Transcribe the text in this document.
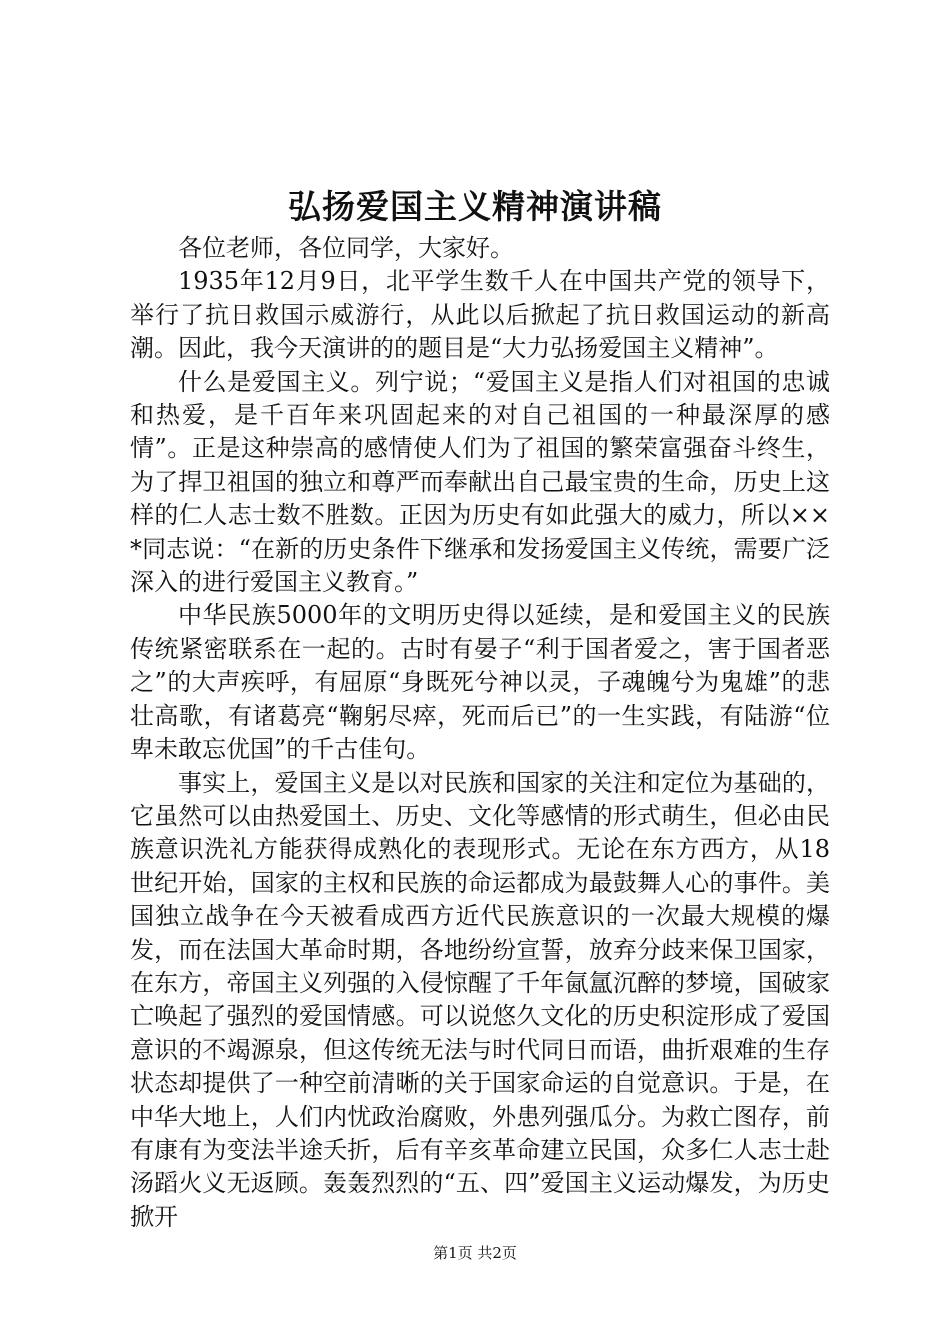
弘扬爱国主义精神演讲稿

各位老师，各位同学，大家好。

1935年12月9日，北平学生数千人在中国共产党的领导下，举行了抗日救国示威游行，从此以后掀起了抗日救国运动的新高潮。因此，我今天演讲的的题目是“大力弘扬爱国主义精神”。

什么是爱国主义。列宁说；“爱国主义是指人们对祖国的忠诚和热爱，是千百年来巩固起来的对自己祖国的一种最深厚的感情”。正是这种崇高的感情使人们为了祖国的繁荣富强奋斗终生，为了捍卫祖国的独立和尊严而奉献出自己最宝贵的生命，历史上这样的仁人志士数不胜数。正因为历史有如此强大的威力，所以××*同志说：“在新的历史条件下继承和发扬爱国主义传统，需要广泛深入的进行爱国主义教育。”

中华民族5000年的文明历史得以延续，是和爱国主义的民族传统紧密联系在一起的。古时有晏子“利于国者爱之，害于国者恶之”的大声疾呼，有屈原“身既死兮神以灵，子魂魄兮为鬼雄”的悲壮高歌，有诸葛亮“鞠躬尽瘁，死而后已”的一生实践，有陆游“位卑未敢忘优国”的千古佳句。

事实上，爱国主义是以对民族和国家的关注和定位为基础的，它虽然可以由热爱国土、历史、文化等感情的形式萌生，但必由民族意识洗礼方能获得成熟化的表现形式。无论在东方西方，从18世纪开始，国家的主权和民族的命运都成为最鼓舞人心的事件。美国独立战争在今天被看成西方近代民族意识的一次最大规模的爆发，而在法国大革命时期，各地纷纷宣誓，放弃分歧来保卫国家，在东方，帝国主义列强的入侵惊醒了千年氤氲沉醉的梦境，国破家亡唤起了强烈的爱国情感。可以说悠久文化的历史积淀形成了爱国意识的不竭源泉，但这传统无法与时代同日而语，曲折艰难的生存状态却提供了一种空前清晰的关于国家命运的自觉意识。于是，在中华大地上，人们内忧政治腐败，外患列强瓜分。为救亡图存，前有康有为变法半途夭折，后有辛亥革命建立民国，众多仁人志士赴汤蹈火义无返顾。轰轰烈烈的“五、四”爱国主义运动爆发，为历史掀开

第1页 共2页
